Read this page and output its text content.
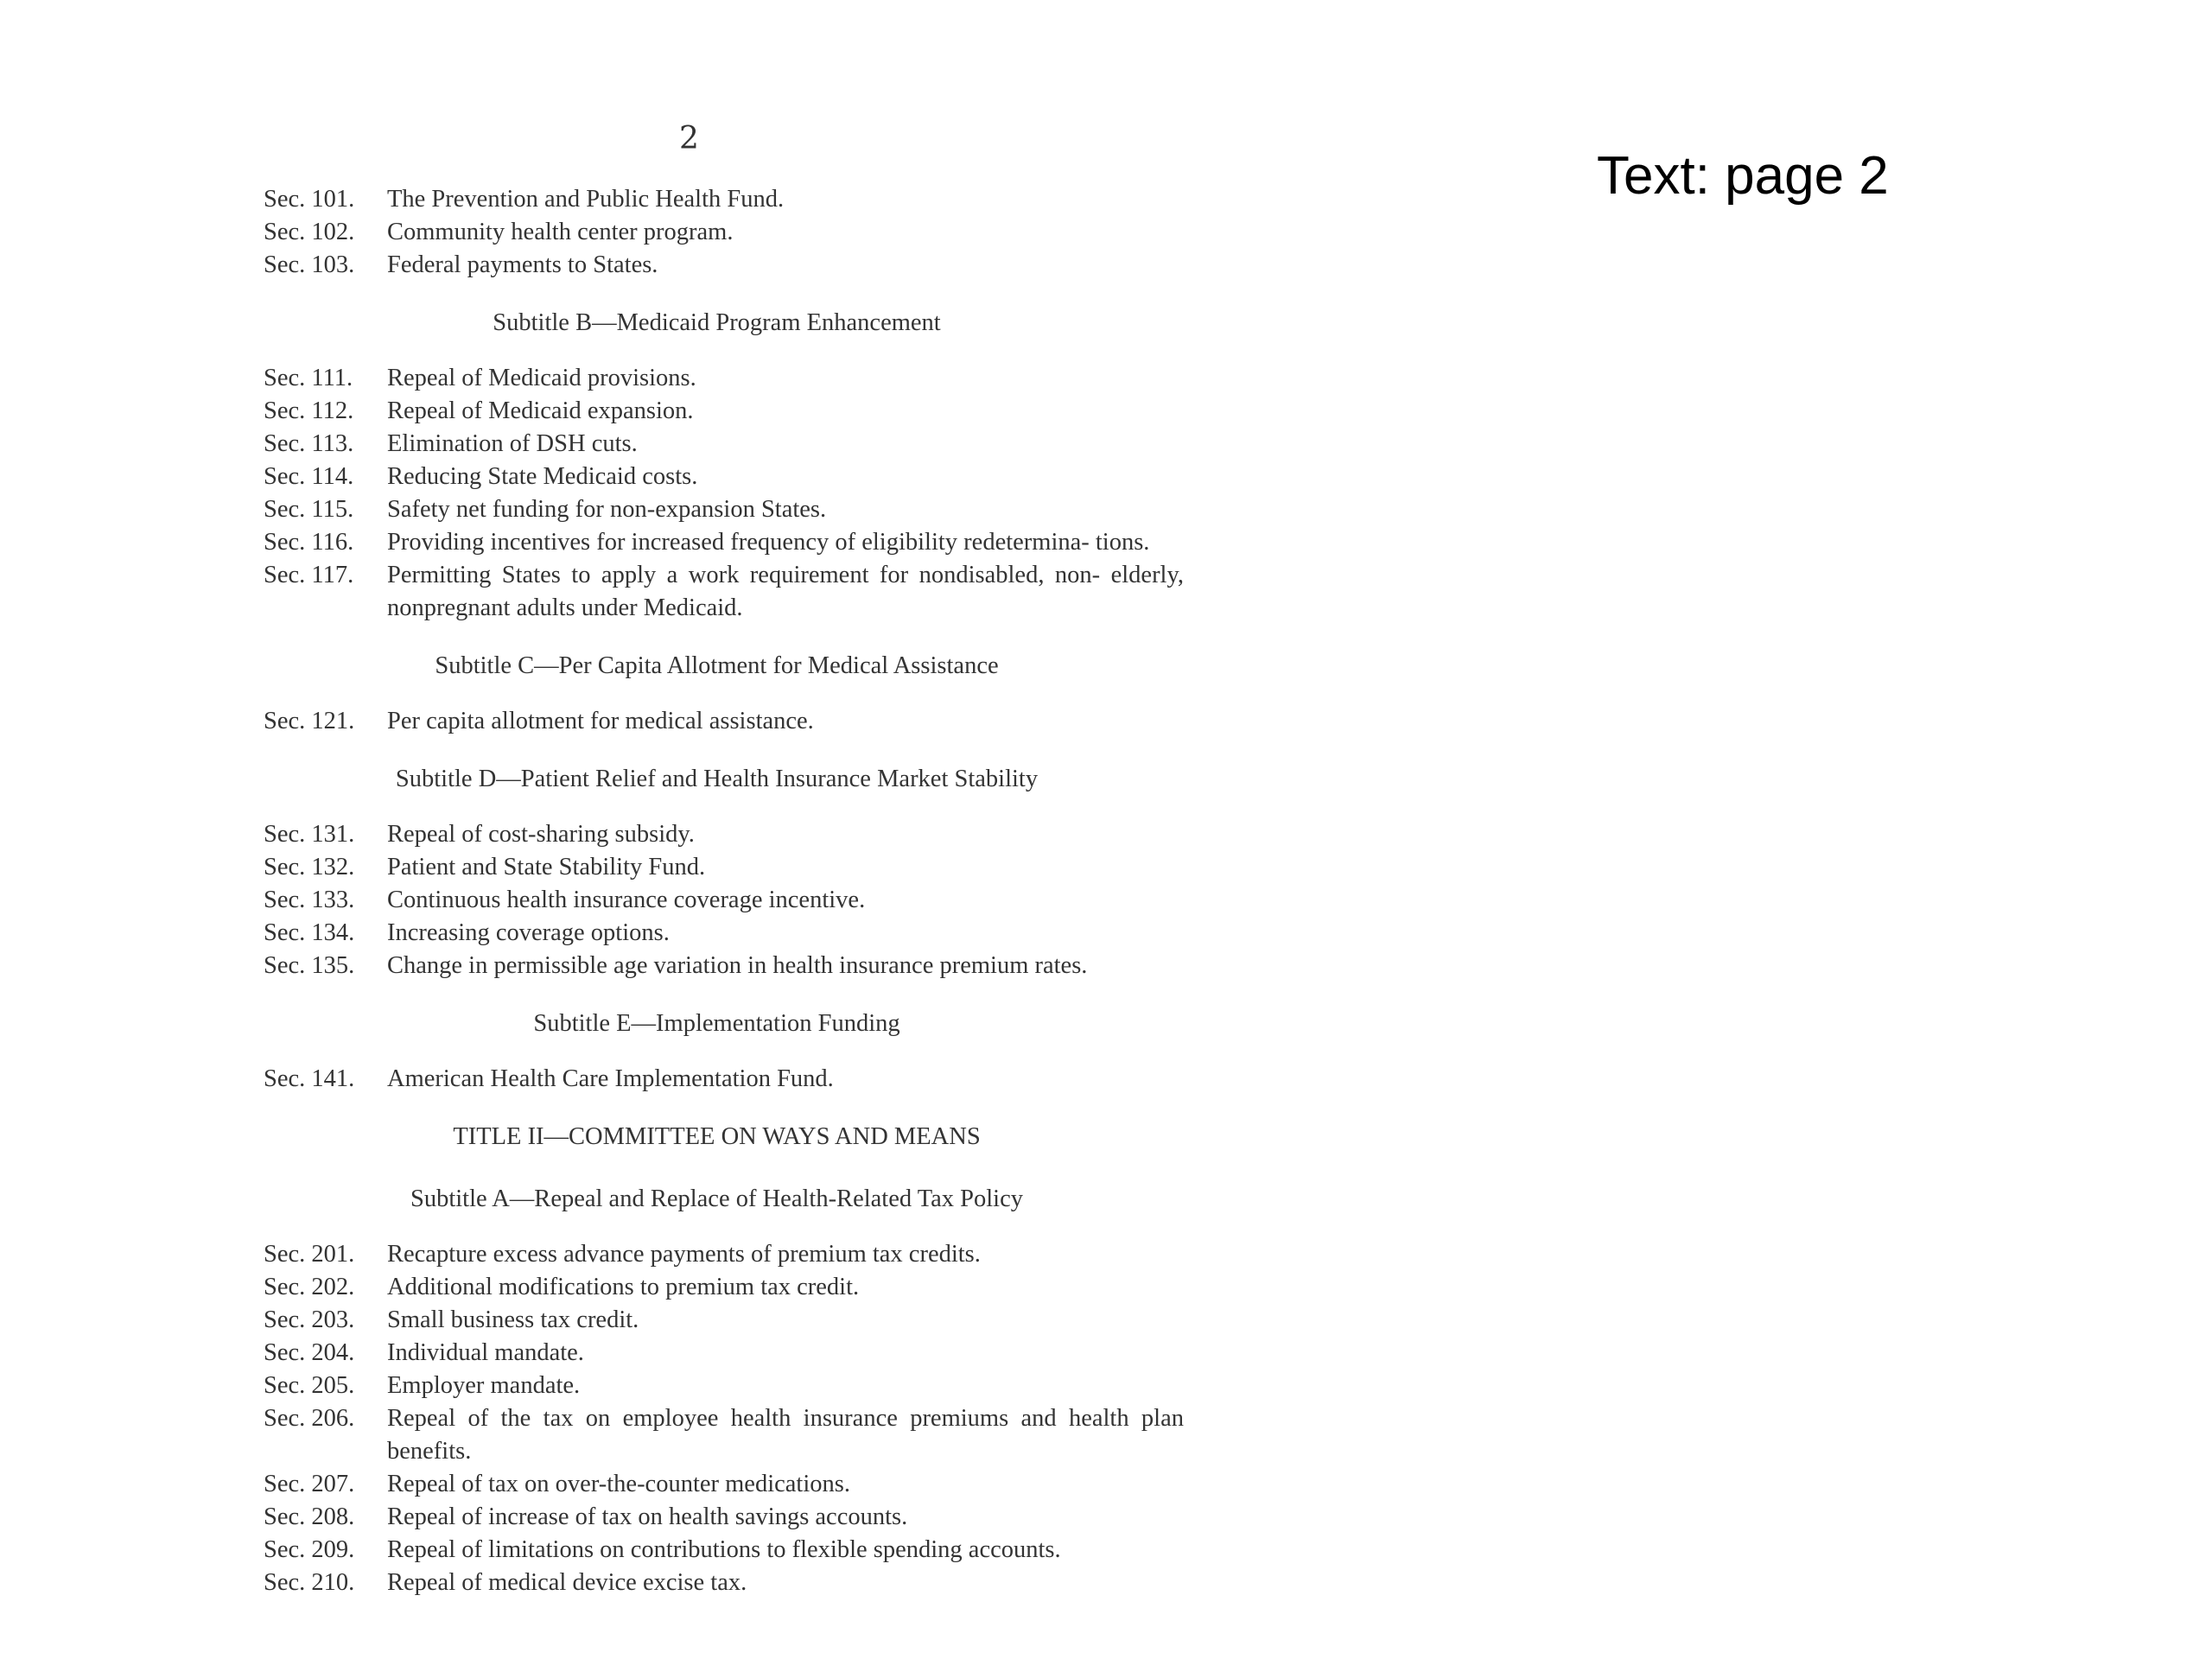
2
Text: page 2
Sec. 101.	The Prevention and Public Health Fund.
Sec. 102.	Community health center program.
Sec. 103.	Federal payments to States.
Subtitle B—Medicaid Program Enhancement
Sec. 111.	Repeal of Medicaid provisions.
Sec. 112.	Repeal of Medicaid expansion.
Sec. 113.	Elimination of DSH cuts.
Sec. 114.	Reducing State Medicaid costs.
Sec. 115.	Safety net funding for non-expansion States.
Sec. 116.	Providing incentives for increased frequency of eligibility redetermina- tions.
Sec. 117.	Permitting States to apply a work requirement for nondisabled, non- elderly, nonpregnant adults under Medicaid.
Subtitle C—Per Capita Allotment for Medical Assistance
Sec. 121.	Per capita allotment for medical assistance.
Subtitle D—Patient Relief and Health Insurance Market Stability
Sec. 131.	Repeal of cost-sharing subsidy.
Sec. 132.	Patient and State Stability Fund.
Sec. 133.	Continuous health insurance coverage incentive.
Sec. 134.	Increasing coverage options.
Sec. 135.	Change in permissible age variation in health insurance premium rates.
Subtitle E—Implementation Funding
Sec. 141.	American Health Care Implementation Fund.
TITLE II—COMMITTEE ON WAYS AND MEANS
Subtitle A—Repeal and Replace of Health-Related Tax Policy
Sec. 201.	Recapture excess advance payments of premium tax credits.
Sec. 202.	Additional modifications to premium tax credit.
Sec. 203.	Small business tax credit.
Sec. 204.	Individual mandate.
Sec. 205.	Employer mandate.
Sec. 206.	Repeal of the tax on employee health insurance premiums and health plan benefits.
Sec. 207.	Repeal of tax on over-the-counter medications.
Sec. 208.	Repeal of increase of tax on health savings accounts.
Sec. 209.	Repeal of limitations on contributions to flexible spending accounts.
Sec. 210.	Repeal of medical device excise tax.
